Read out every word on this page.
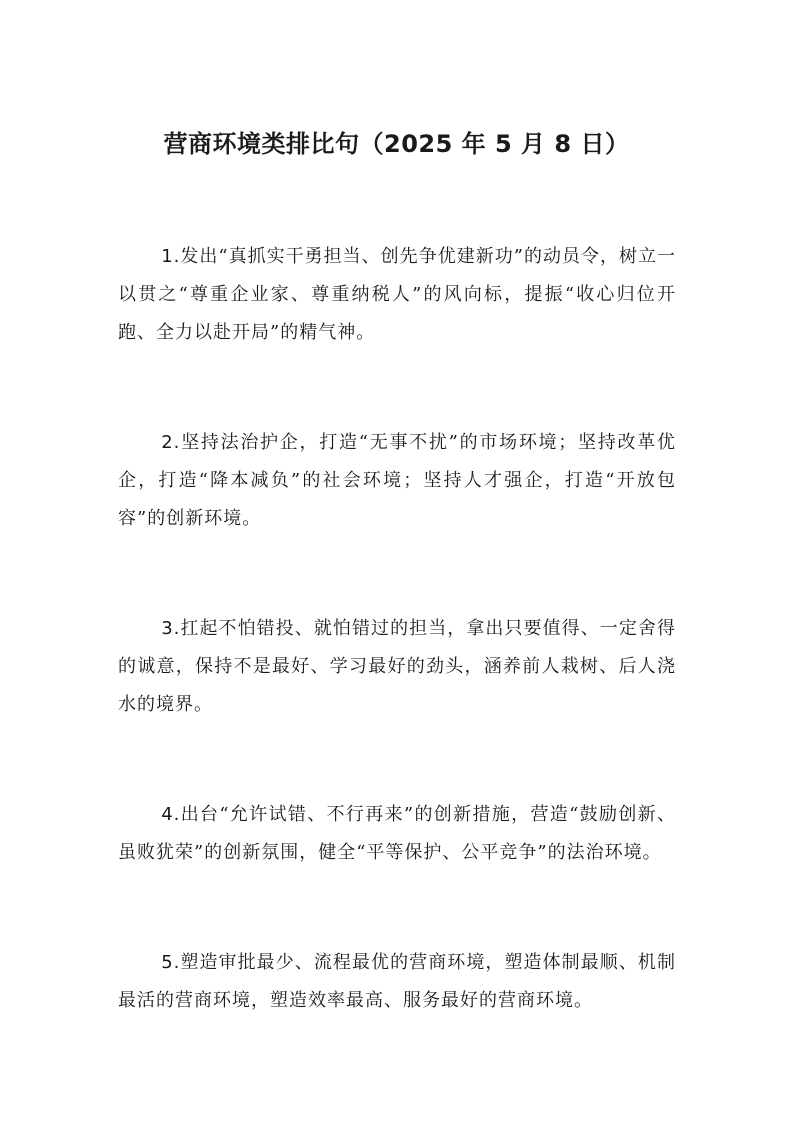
营商环境类排比句（2025 年 5 月 8 日）

1.发出“真抓实干勇担当、创先争优建新功”的动员令，树立一以贯之“尊重企业家、尊重纳税人”的风向标，提振“收心归位开跑、全力以赴开局”的精气神。

2.坚持法治护企，打造“无事不扰”的市场环境；坚持改革优企，打造“降本减负”的社会环境；坚持人才强企，打造“开放包容”的创新环境。

3.扛起不怕错投、就怕错过的担当，拿出只要值得、一定舍得的诚意，保持不是最好、学习最好的劲头，涵养前人栽树、后人浇水的境界。

4.出台“允许试错、不行再来”的创新措施，营造“鼓励创新、虽败犹荣”的创新氛围，健全“平等保护、公平竞争”的法治环境。

5.塑造审批最少、流程最优的营商环境，塑造体制最顺、机制最活的营商环境，塑造效率最高、服务最好的营商环境。
